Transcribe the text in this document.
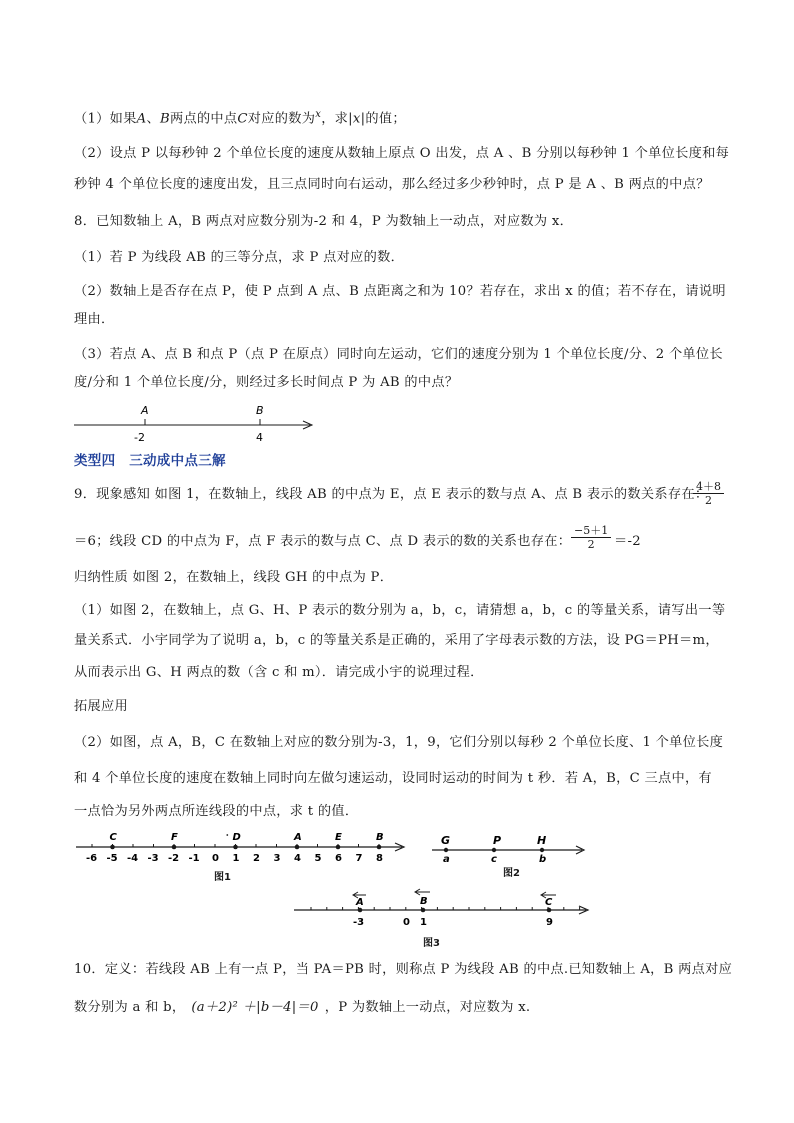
（1）如果A、B两点的中点C对应的数为$^x$，求|x|的值；
（2）设点 P 以每秒钟 2 个单位长度的速度从数轴上原点 O 出发，点 A 、B 分别以每秒钟 1 个单位长度和每
秒钟 4 个单位长度的速度出发，且三点同时向右运动，那么经过多少秒钟时，点 P 是 A 、B 两点的中点？
8．已知数轴上 A，B 两点对应数分别为-2 和 4，P 为数轴上一动点，对应数为 x．
（1）若 P 为线段 AB 的三等分点，求 P 点对应的数．
（2）数轴上是否存在点 P，使 P 点到 A 点、B 点距离之和为 10？若存在，求出 x 的值；若不存在，请说明
理由．
（3）若点 A、点 B 和点 P（点 P 在原点）同时向左运动，它们的速度分别为 1 个单位长度/分、2 个单位长
度/分和 1 个单位长度/分，则经过多长时间点 P 为 AB 的中点？
A	B
-2	4
类型四　三动成中点三解
9．现象感知 如图 1，在数轴上，线段 AB 的中点为 E，点 E 表示的数与点 A、点 B 表示的数关系存在：
$\frac{4+8}{2}$
＝6；线段 CD 的中点为 F，点 F 表示的数与点 C、点 D 表示的数的关系也存在： $\frac{-5+1}{2} =-2$
归纳性质 如图 2，在数轴上，线段 GH 的中点为 P．
（1）如图 2，在数轴上，点 G、H、P 表示的数分别为 a，b，c，请猜想 a，b，c 的等量关系，请写出一等
量关系式．小宇同学为了说明 a，b，c 的等量关系是正确的，采用了字母表示数的方法，设 PG＝PH＝m，
从而表示出 G、H 两点的数（含 c 和 m）．请完成小宇的说理过程．
拓展应用
（2）如图，点 A，B，C 在数轴上对应的数分别为-3，1，9，它们分别以每秒 2 个单位长度、1 个单位长度
和 4 个单位长度的速度在数轴上同时向左做匀速运动，设同时运动的时间为 t 秒．若 A，B，C 三点中，有
一点恰为另外两点所连线段的中点，求 t 的值．
-6 -5 -4 -3 -2 -1 0 1 2 3 4 5 6 7 8
C	F	D	A	E	B
图1
G	P	H
a	c	b
图2
A	B	C
-3	0 1	9
图3
10．定义：若线段 AB 上有一点 P，当 PA＝PB 时，则称点 P 为线段 AB 的中点.已知数轴上 A，B 两点对应
数分别为 a 和 b， (a＋2)² ＋|b－4|＝0 ，P 为数轴上一动点，对应数为 x.
